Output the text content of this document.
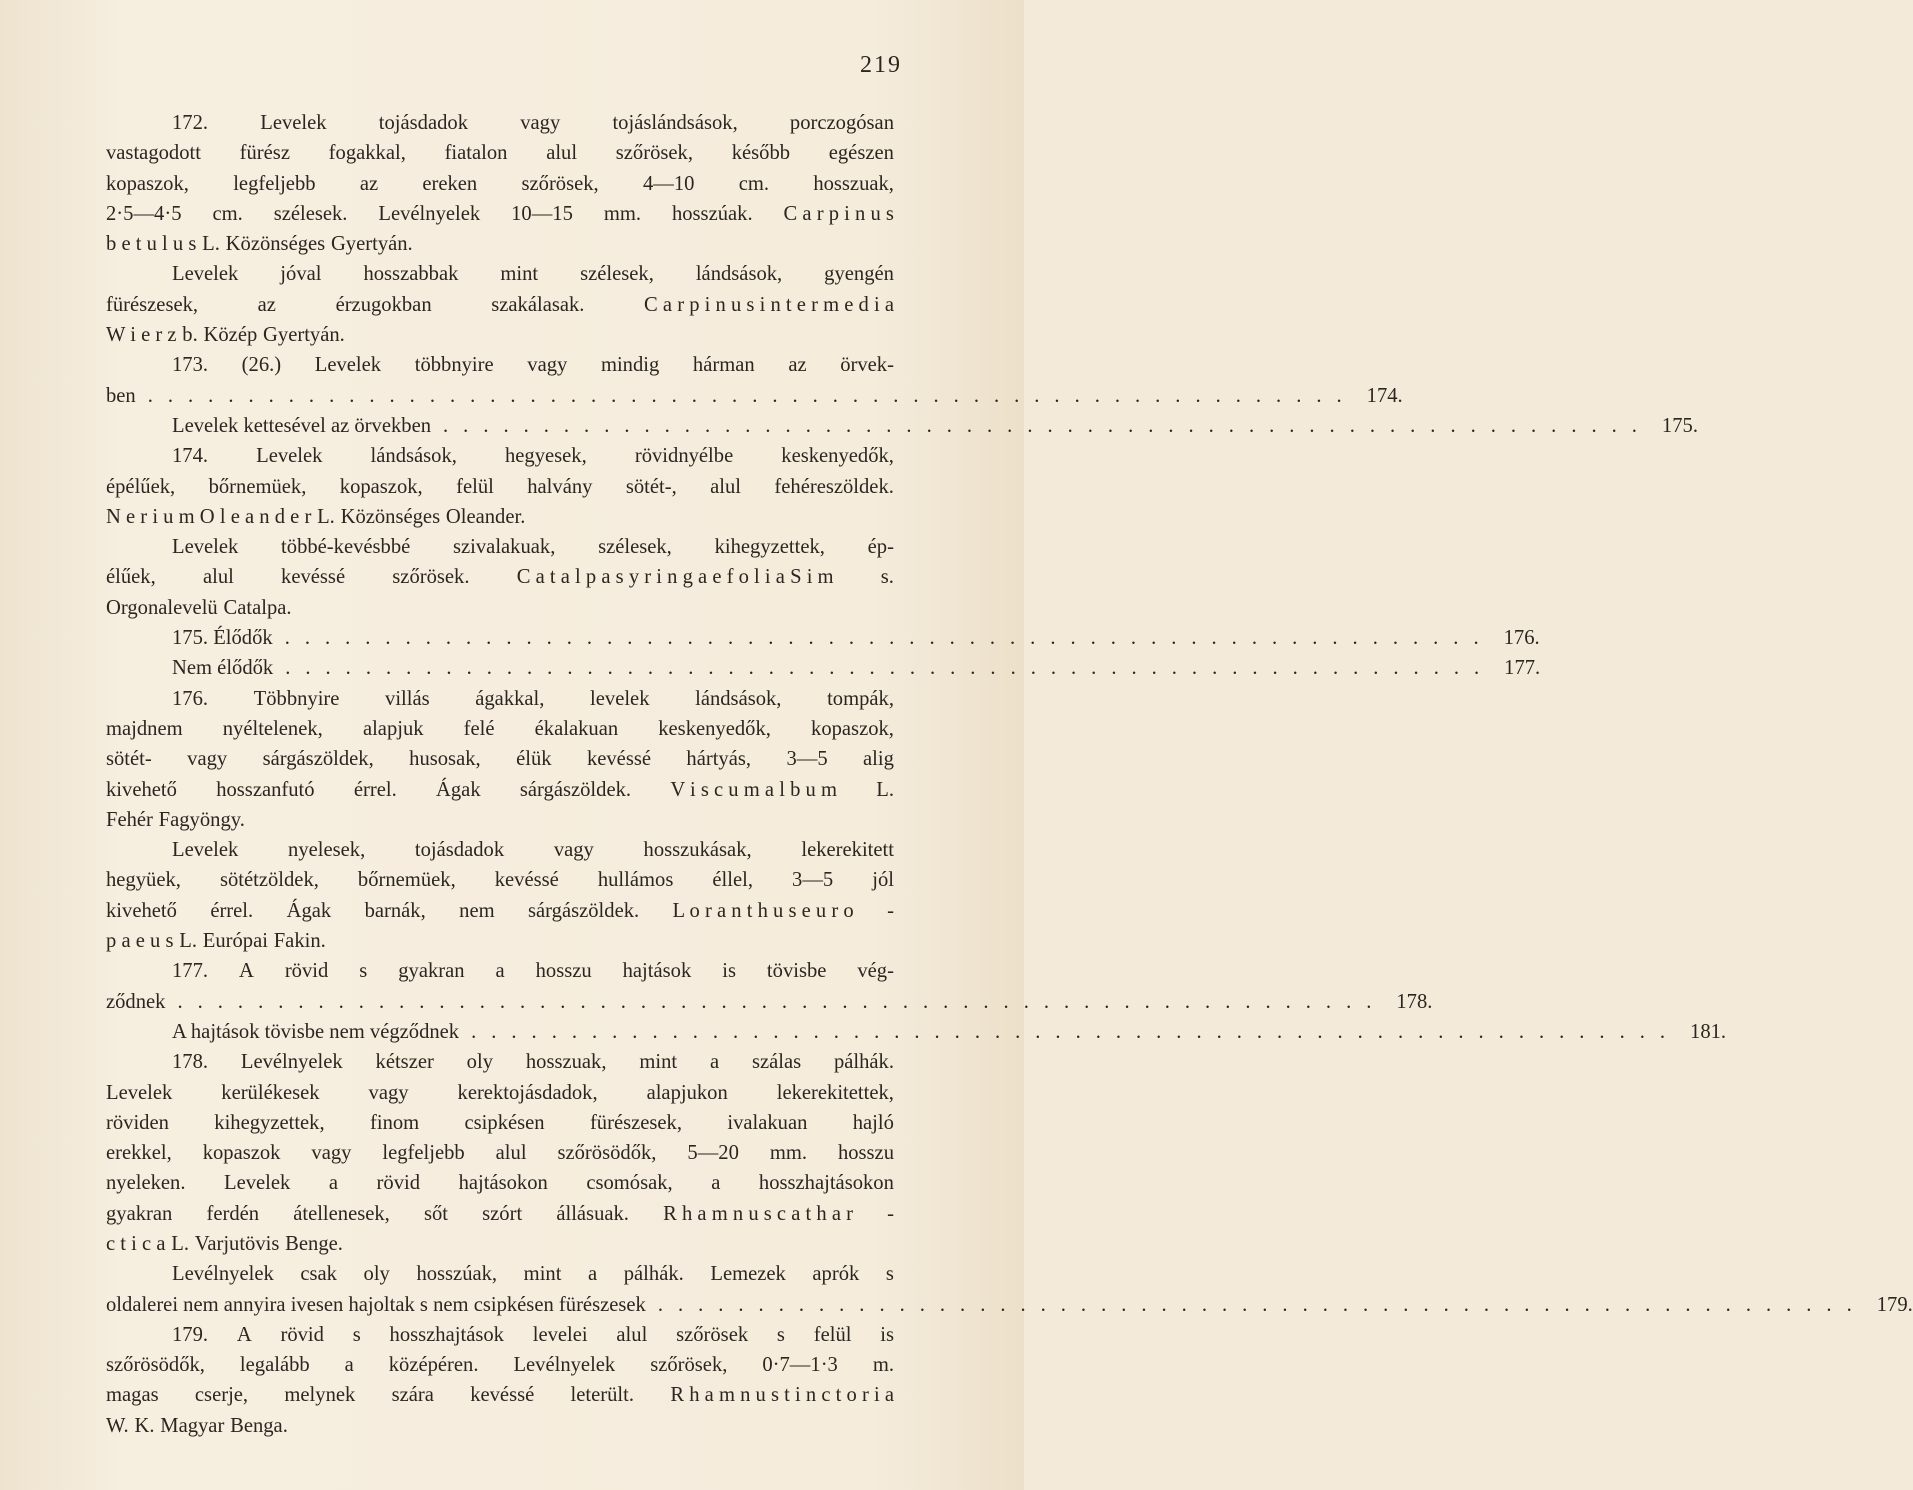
219
172.	Levelek	tojásdadok	vagy	tojáslándsások,	porczogósan
vastagodott fürész fogakkal, fiatalon alul szőrösek, később egészen
kopaszok, legfeljebb az ereken szőrösek, 4—10 cm. hosszuak,
2·5—4·5 cm. szélesek. Levélnyelek 10—15 mm. hosszúak. C a r p i n u s
b e t u l u s L. Közönséges Gyertyán.
Levelek jóval hosszabbak mint szélesek, lándsások, gyengén
fürészesek,	az	érzugokban	szakálasak.	C a r p i n u s i n t e r m e d i a
W i e r z b. Közép Gyertyán.
173. (26.) Levelek többnyire vagy mindig hárman az örvek-
ben ............................................................ 174.
Levelek kettesével az örvekben ............................................................ 175.
174. Levelek lándsások, hegyesek, rövidnyélbe keskenyedők,
épélűek, bőrnemüek, kopaszok, felül halvány sötét-, alul fehéreszöldek.
N e r i u m O l e a n d e r L. Közönséges Oleander.
Levelek többé-kevésbbé szivalakuak, szélesek, kihegyzettek, ép-
élűek, alul kevéssé szőrösek. C a t a l p a s y r i n g a e f o l i a S i m s.
Orgonalevelü Catalpa.
175. Élődők ............................................................ 176.
Nem élődők ............................................................ 177.
176. Többnyire villás ágakkal, levelek lándsások, tompák,
majdnem nyéltelenek, alapjuk felé ékalakuan keskenyedők, kopaszok,
sötét- vagy sárgászöldek, husosak, élük kevéssé hártyás, 3—5 alig
kivehető hosszanfutó érrel. Ágak sárgászöldek. V i s c u m a l b u m L.
Fehér Fagyöngy.
Levelek nyelesek, tojásdadok vagy hosszukásak, lekerekitett
hegyüek, sötétzöldek, bőrnemüek, kevéssé hullámos éllel, 3—5 jól
kivehető érrel. Ágak barnák, nem sárgászöldek. L o r a n t h u s e u r o -
p a e u s L. Európai Fakin.
177. A rövid s gyakran a hosszu hajtások is tövisbe vég-
ződnek ............................................................ 178.
A hajtások tövisbe nem végződnek ............................................................ 181.
178. Levélnyelek kétszer oly hosszuak, mint a szálas pálhák.
Levelek kerülékesek vagy kerektojásdadok, alapjukon lekerekitettek,
röviden kihegyzettek, finom csipkésen fürészesek, ivalakuan hajló
erekkel, kopaszok vagy legfeljebb alul szőrösödők, 5—20 mm. hosszu
nyeleken. Levelek a rövid hajtásokon csomósak, a hosszhajtásokon
gyakran ferdén átellenesek, sőt szórt állásuak. R h a m n u s c a t h a r -
c t i c a L. Varjutövis Benge.
Levélnyelek csak oly hosszúak, mint a pálhák. Lemezek aprók s
oldalerei nem annyira ivesen hajoltak s nem csipkésen fürészesek ............................................................ 179.
179. A rövid s hosszhajtások levelei alul szőrösek s felül is
szőrösödők, legalább a középéren. Levélnyelek szőrösek, 0·7—1·3 m.
magas cserje, melynek szára kevéssé leterült. R h a m n u s t i n c t o r i a
W. K. Magyar Benga.
